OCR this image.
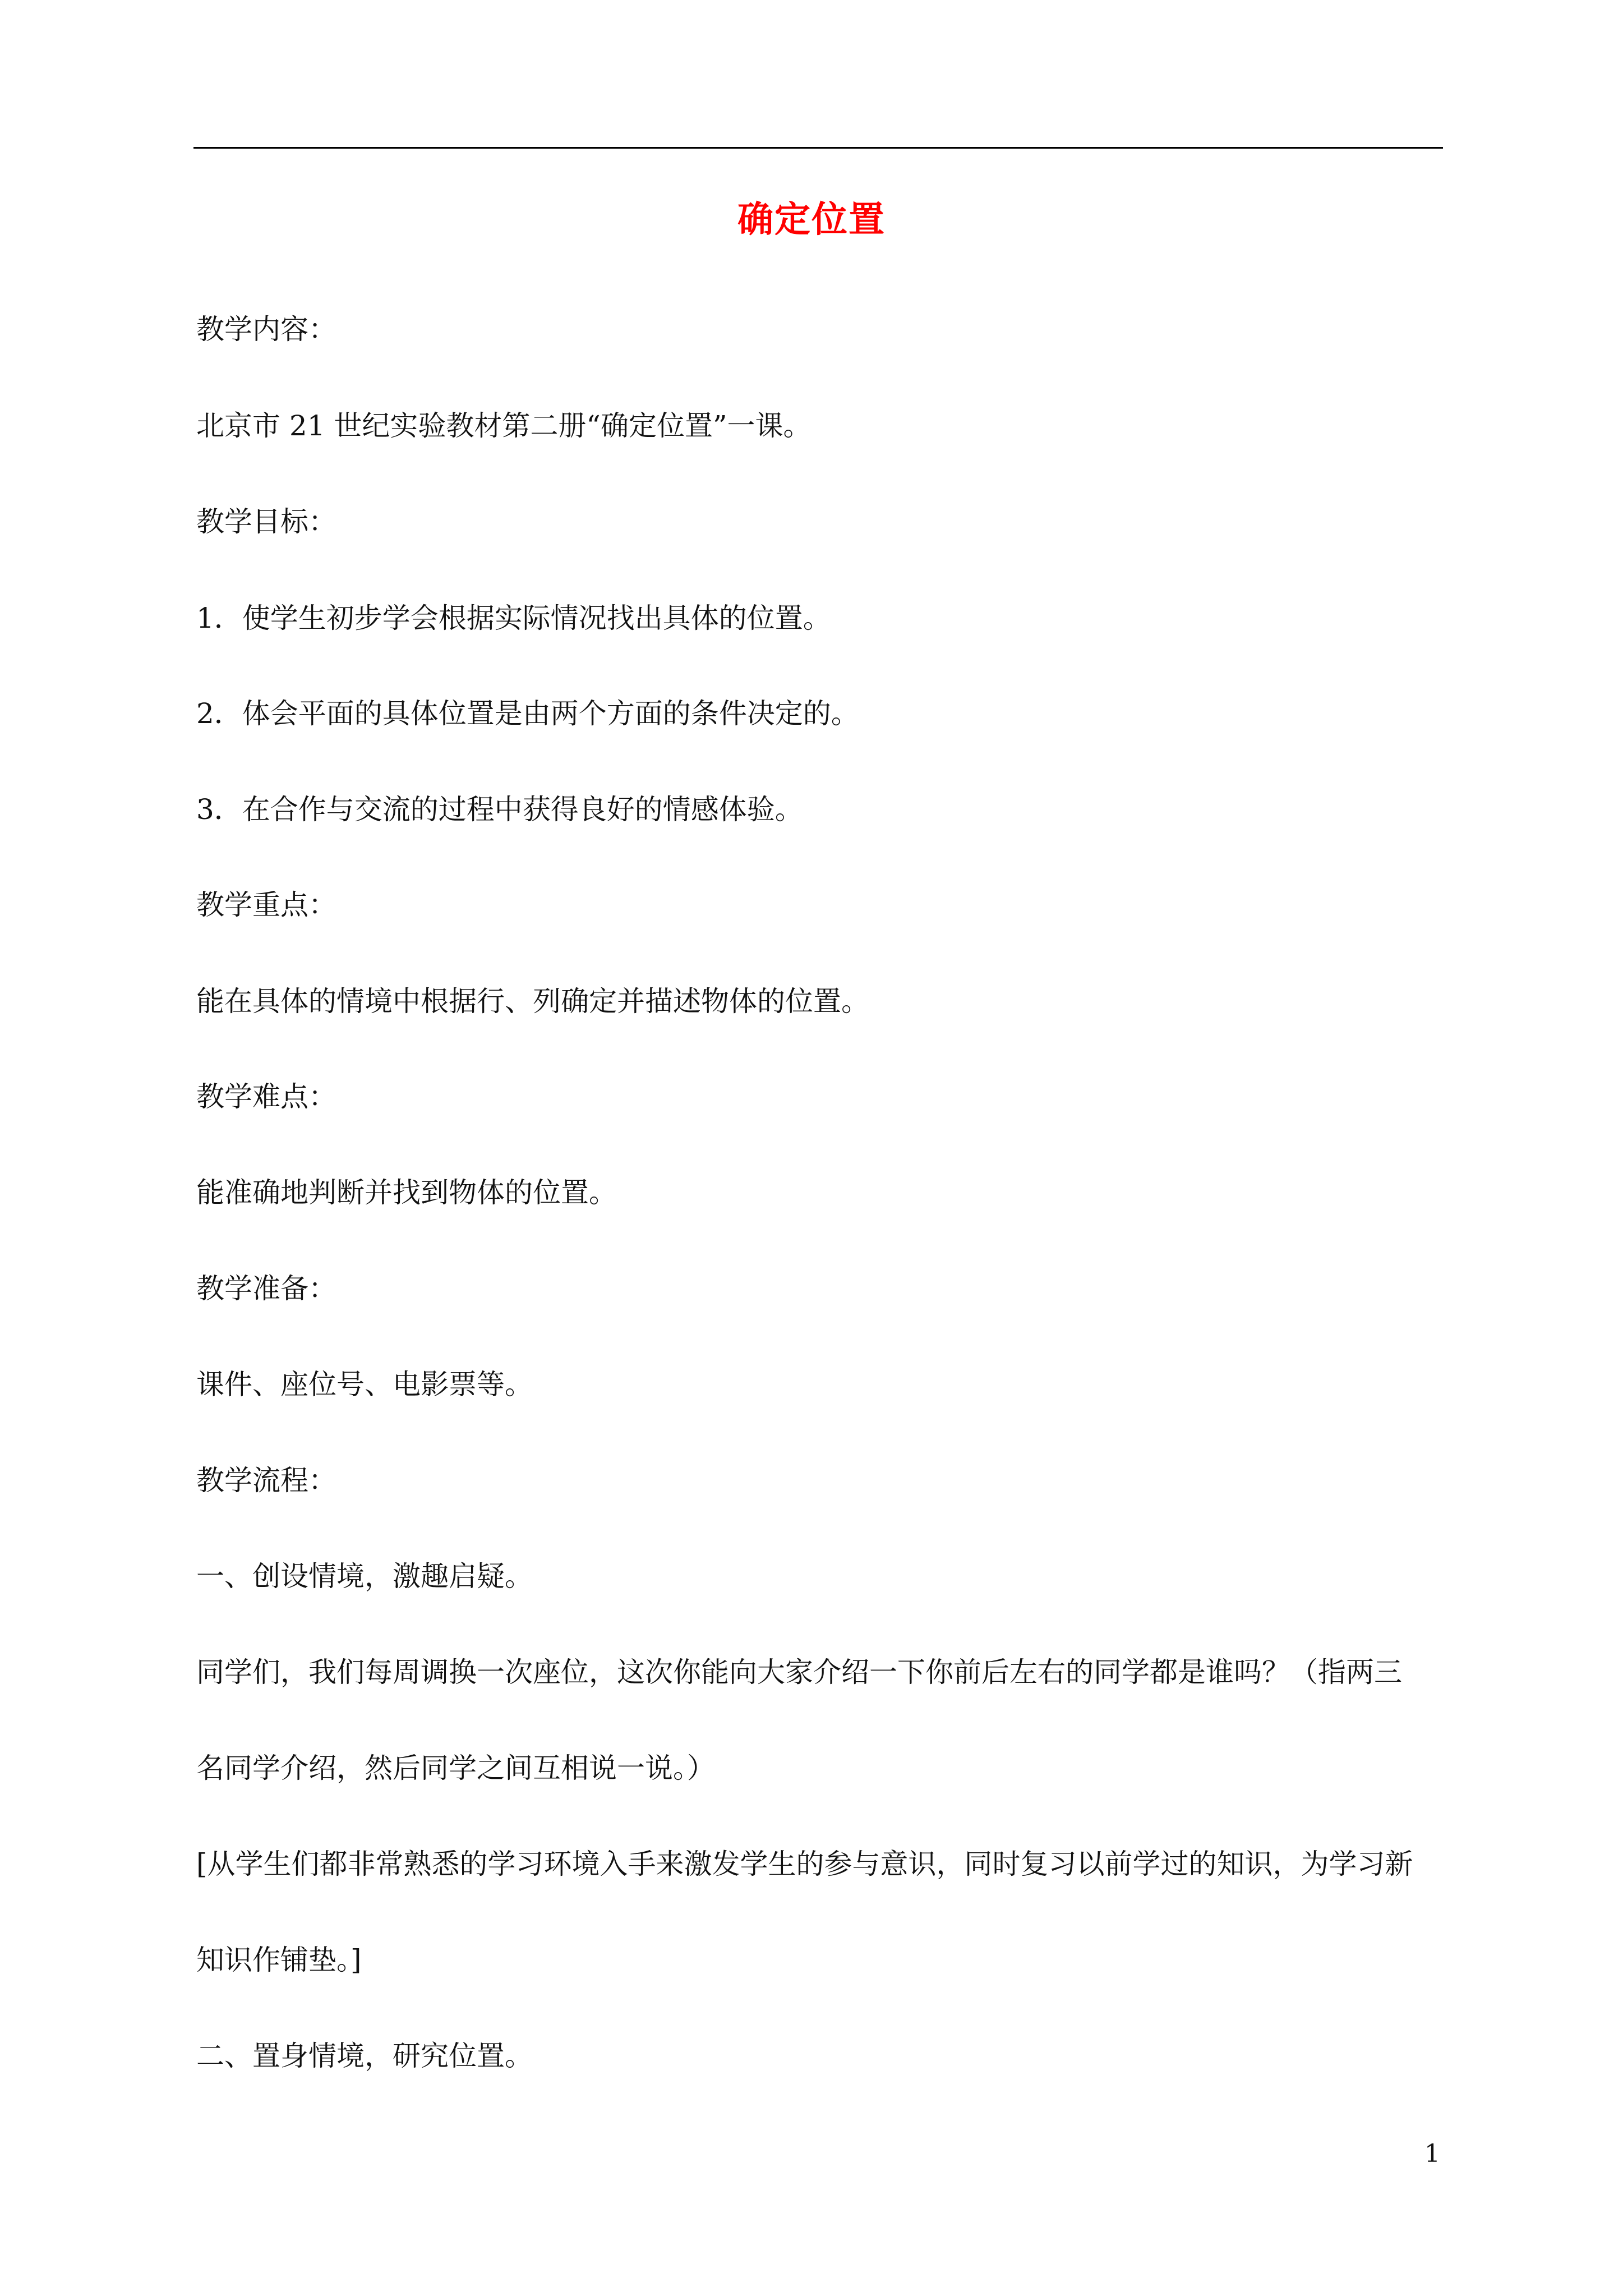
确定位置
教学内容：
北京市 21 世纪实验教材第二册“确定位置”一课。
教学目标：
1．使学生初步学会根据实际情况找出具体的位置。
2．体会平面的具体位置是由两个方面的条件决定的。
3．在合作与交流的过程中获得良好的情感体验。
教学重点：
能在具体的情境中根据行、列确定并描述物体的位置。
教学难点：
能准确地判断并找到物体的位置。
教学准备：
课件、座位号、电影票等。
教学流程：
一、创设情境，激趣启疑。
同学们，我们每周调换一次座位，这次你能向大家介绍一下你前后左右的同学都是谁吗？（指两三
名同学介绍，然后同学之间互相说一说。）
[从学生们都非常熟悉的学习环境入手来激发学生的参与意识，同时复习以前学过的知识，为学习新
知识作铺垫。]
二、置身情境，研究位置。
1
